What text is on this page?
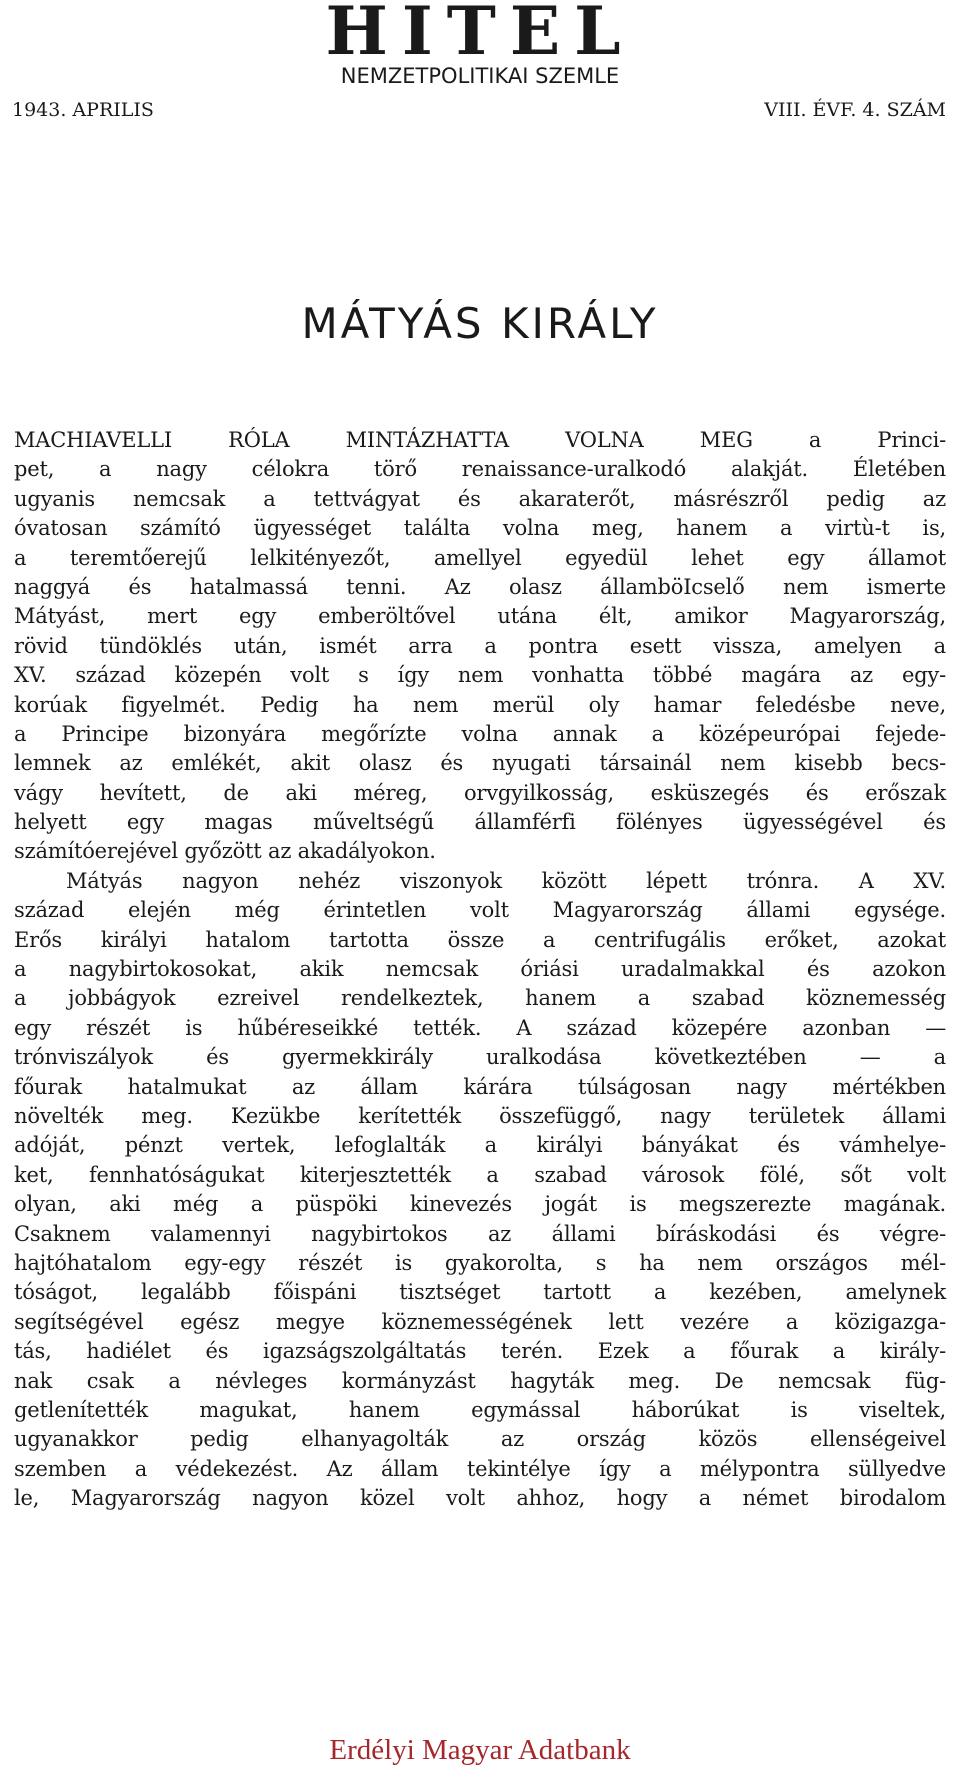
HITEL
NEMZETPOLITIKAI SZEMLE
1943. APRILIS	VIII. ÉVF. 4. SZÁM
MÁTYÁS KIRÁLY
MACHIAVELLI RÓLA MINTÁZHATTA VOLNA MEG a Princi-
pet, a nagy célokra törő renaissance-uralkodó alakját. Életében
ugyanis nemcsak a tettvágyat és akaraterőt, másrészről pedig az
óvatosan számító ügyességet találta volna meg, hanem a virtù-t is,
a teremtőerejű lelkitényezőt, amellyel egyedül lehet egy államot
naggyá és hatalmassá tenni. Az olasz államböIcselő nem ismerte
Mátyást, mert egy emberöltővel utána élt, amikor Magyarország,
rövid tündöklés után, ismét arra a pontra esett vissza, amelyen a
XV. század közepén volt s így nem vonhatta többé magára az egy-
korúak figyelmét. Pedig ha nem merül oly hamar feledésbe neve,
a Principe bizonyára megőrízte volna annak a középeurópai fejede-
lemnek az emlékét, akit olasz és nyugati társainál nem kisebb becs-
vágy hevített, de aki méreg, orvgyilkosság, esküszegés és erőszak
helyett egy magas műveltségű államférfi fölényes ügyességével és
számítóerejével győzött az akadályokon.
Mátyás nagyon nehéz viszonyok között lépett trónra. A XV.
század elején még érintetlen volt Magyarország állami egysége.
Erős királyi hatalom tartotta össze a centrifugális erőket, azokat
a nagybirtokosokat, akik nemcsak óriási uradalmakkal és azokon
a jobbágyok ezreivel rendelkeztek, hanem a szabad köznemesség
egy részét is hűbéreseikké tették. A század közepére azonban —
trónviszályok és gyermekkirály uralkodása következtében — a
főurak hatalmukat az állam kárára túlságosan nagy mértékben
növelték meg. Kezükbe kerítették összefüggő, nagy területek állami
adóját, pénzt vertek, lefoglalták a királyi bányákat és vámhelye-
ket, fennhatóságukat kiterjesztették a szabad városok fölé, sőt volt
olyan, aki még a püspöki kinevezés jogát is megszerezte magának.
Csaknem valamennyi nagybirtokos az állami bíráskodási és végre-
hajtóhatalom egy-egy részét is gyakorolta, s ha nem országos mél-
tóságot, legalább főispáni tisztséget tartott a kezében, amelynek
segítségével egész megye köznemességének lett vezére a közigazga-
tás, hadiélet és igazságszolgáltatás terén. Ezek a főurak a király-
nak csak a névleges kormányzást hagyták meg. De nemcsak füg-
getlenítették magukat, hanem egymással háborúkat is viseltek,
ugyanakkor pedig elhanyagolták az ország közös ellenségeivel
szemben a védekezést. Az állam tekintélye így a mélypontra süllyedve
le, Magyarország nagyon közel volt ahhoz, hogy a német birodalom
Erdélyi Magyar Adatbank
